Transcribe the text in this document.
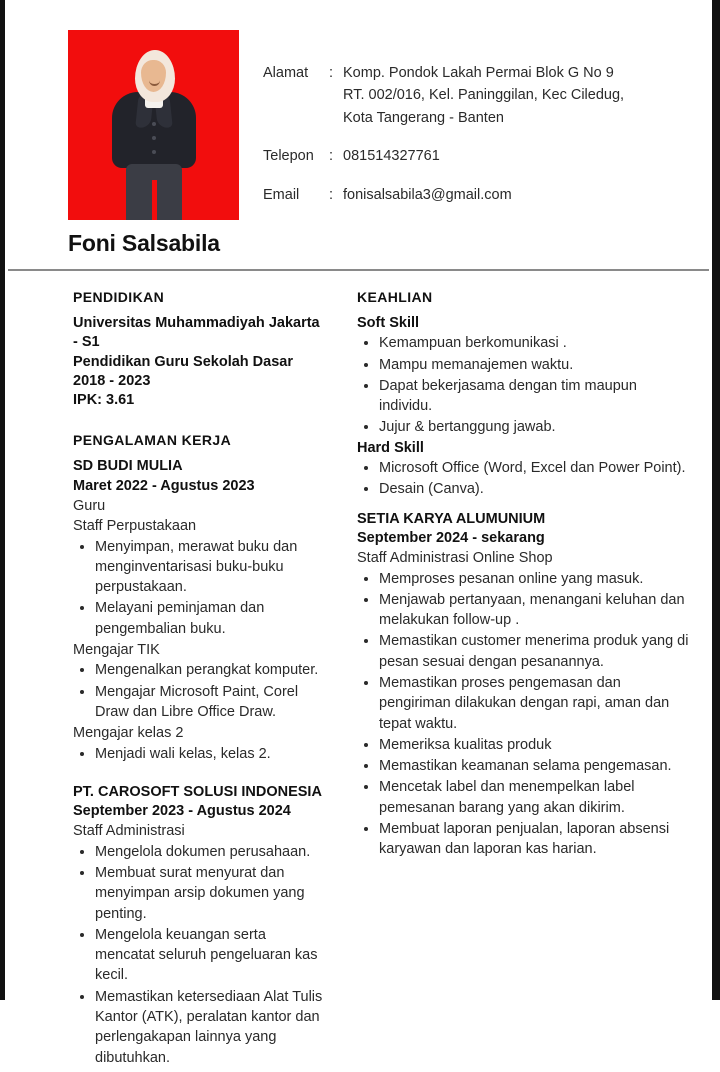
Foni Salsabila
Alamat	: Komp. Pondok Lakah Permai Blok G No 9
RT. 002/016, Kel. Paninggilan, Kec Ciledug,
Kota Tangerang - Banten
Telepon	: 081514327761
Email	: fonisalsabila3@gmail.com
PENDIDIKAN
Universitas Muhammadiyah Jakarta - S1
Pendidikan Guru Sekolah Dasar
2018 - 2023
IPK: 3.61
PENGALAMAN KERJA
SD BUDI MULIA
Maret 2022 - Agustus 2023
Guru
Staff Perpustakaan
• Menyimpan, merawat buku dan menginventarisasi buku-buku perpustakaan.
• Melayani peminjaman dan pengembalian buku.
Mengajar TIK
• Mengenalkan perangkat komputer.
• Mengajar Microsoft Paint, Corel Draw dan Libre Office Draw.
Mengajar kelas 2
• Menjadi wali kelas, kelas 2.
PT. CAROSOFT SOLUSI INDONESIA
September 2023 - Agustus 2024
Staff Administrasi
• Mengelola dokumen perusahaan.
• Membuat surat menyurat dan menyimpan arsip dokumen yang penting.
• Mengelola keuangan serta mencatat seluruh pengeluaran kas kecil.
• Memastikan ketersediaan Alat Tulis Kantor (ATK), peralatan kantor dan perlengakapan lainnya yang dibutuhkan.
KEAHLIAN
Soft Skill
• Kemampuan berkomunikasi .
• Mampu memanajemen waktu.
• Dapat bekerjasama dengan tim maupun individu.
• Jujur & bertanggung jawab.
Hard Skill
• Microsoft Office (Word, Excel dan Power Point).
• Desain (Canva).
SETIA KARYA ALUMUNIUM
September 2024 - sekarang
Staff Administrasi Online Shop
• Memproses pesanan online yang masuk.
• Menjawab pertanyaan, menangani keluhan dan melakukan follow-up .
• Memastikan customer menerima produk yang di pesan sesuai dengan pesanannya.
• Memastikan proses pengemasan dan pengiriman dilakukan dengan rapi, aman dan tepat waktu.
• Memeriksa kualitas produk
• Memastikan keamanan selama pengemasan.
• Mencetak label dan menempelkan label pemesanan barang yang akan dikirim.
• Membuat laporan penjualan, laporan absensi karyawan dan laporan kas harian.
